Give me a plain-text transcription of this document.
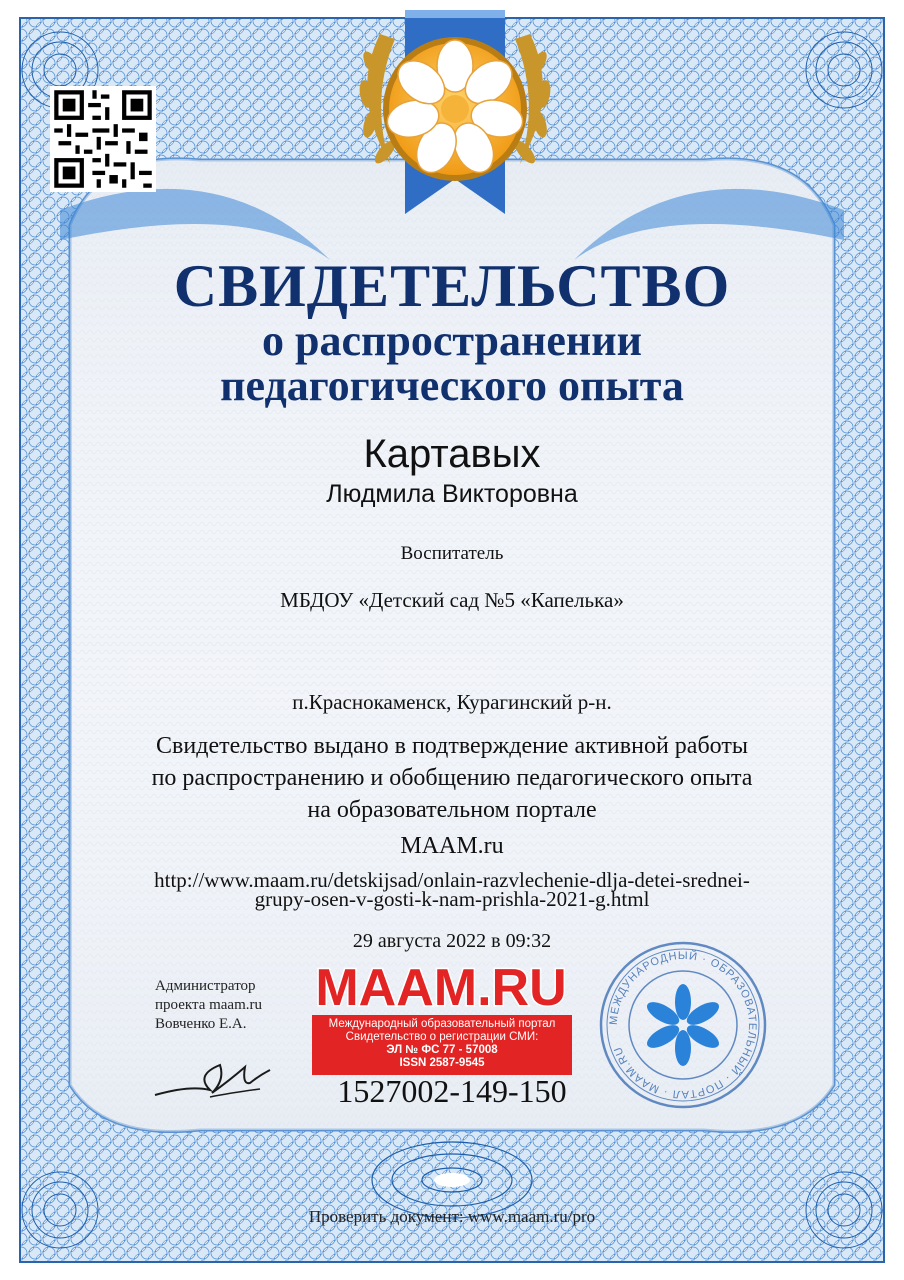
СВИДЕТЕЛЬСТВО
о распространении
педагогического опыта
Картавых
Людмила Викторовна
Воспитатель
МБДОУ «Детский сад №5 «Капелька»
п.Краснокаменск, Курагинский р-н.
Свидетельство выдано в подтверждение активной работы
по распространению и обобщению педагогического опыта
на образовательном портале
MAAM.ru
http://www.maam.ru/detskijsad/onlain-razvlechenie-dlja-detei-srednei-
grupy-osen-v-gosti-k-nam-prishla-2021-g.html
29 августа 2022 в 09:32
Администратор
проекта maam.ru
Вовченко Е.А.
MAAM.RU
Международный образовательный портал
Свидетельство о регистрации СМИ:
ЭЛ № ФС 77 - 57008
ISSN 2587-9545
1527002-149-150
МЕЖДУНАРОДНЫЙ · ОБРАЗОВАТЕЛЬНЫЙ · ПОРТАЛ · MAAM.RU
Проверить документ: www.maam.ru/pro
